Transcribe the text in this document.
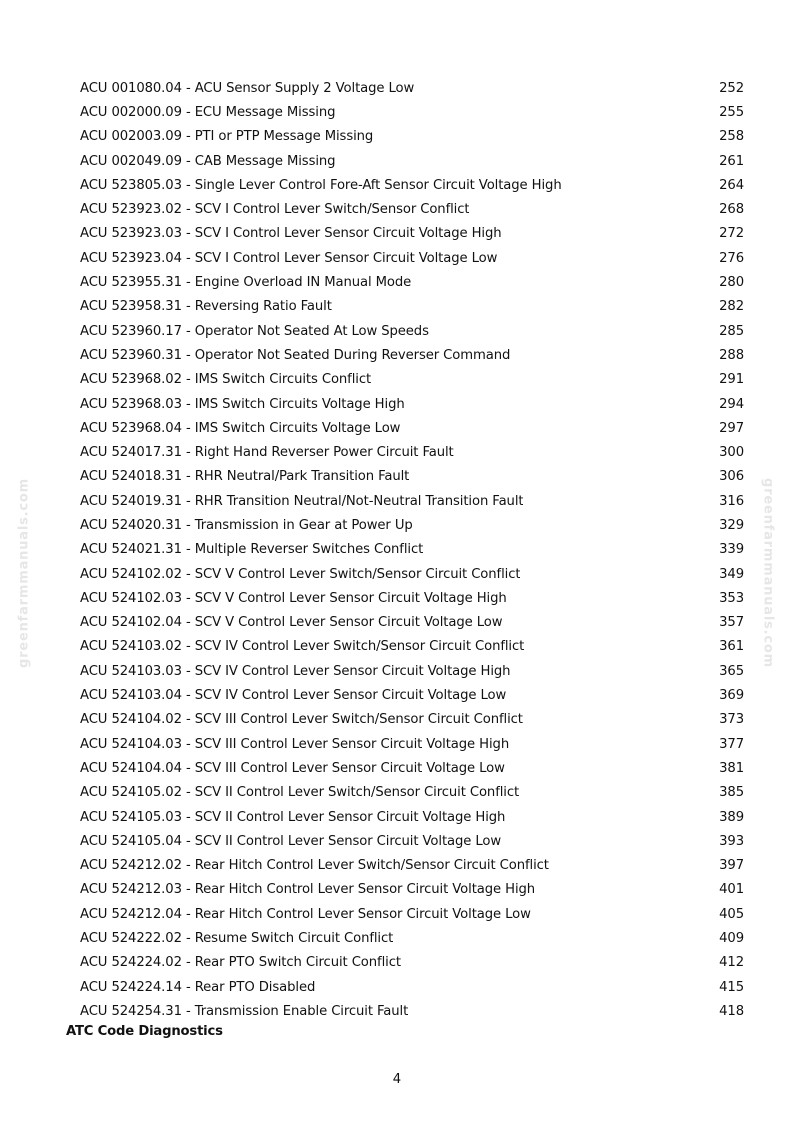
greenfarmmanuals.com	greenfarmmanuals.com
ACU 001080.04 - ACU Sensor Supply 2 Voltage Low	252
ACU 002000.09 - ECU Message Missing	255
ACU 002003.09 - PTI or PTP Message Missing	258
ACU 002049.09 - CAB Message Missing	261
ACU 523805.03 - Single Lever Control Fore-Aft Sensor Circuit Voltage High	264
ACU 523923.02 - SCV I Control Lever Switch/Sensor Conflict	268
ACU 523923.03 - SCV I Control Lever Sensor Circuit Voltage High	272
ACU 523923.04 - SCV I Control Lever Sensor Circuit Voltage Low	276
ACU 523955.31 - Engine Overload IN Manual Mode	280
ACU 523958.31 - Reversing Ratio Fault	282
ACU 523960.17 - Operator Not Seated At Low Speeds	285
ACU 523960.31 - Operator Not Seated During Reverser Command	288
ACU 523968.02 - IMS Switch Circuits Conflict	291
ACU 523968.03 - IMS Switch Circuits Voltage High	294
ACU 523968.04 - IMS Switch Circuits Voltage Low	297
ACU 524017.31 - Right Hand Reverser Power Circuit Fault	300
ACU 524018.31 - RHR Neutral/Park Transition Fault	306
ACU 524019.31 - RHR Transition Neutral/Not-Neutral Transition Fault	316
ACU 524020.31 - Transmission in Gear at Power Up	329
ACU 524021.31 - Multiple Reverser Switches Conflict	339
ACU 524102.02 - SCV V Control Lever Switch/Sensor Circuit Conflict	349
ACU 524102.03 - SCV V Control Lever Sensor Circuit Voltage High	353
ACU 524102.04 - SCV V Control Lever Sensor Circuit Voltage Low	357
ACU 524103.02 - SCV IV Control Lever Switch/Sensor Circuit Conflict	361
ACU 524103.03 - SCV IV Control Lever Sensor Circuit Voltage High	365
ACU 524103.04 - SCV IV Control Lever Sensor Circuit Voltage Low	369
ACU 524104.02 - SCV III Control Lever Switch/Sensor Circuit Conflict	373
ACU 524104.03 - SCV III Control Lever Sensor Circuit Voltage High	377
ACU 524104.04 - SCV III Control Lever Sensor Circuit Voltage Low	381
ACU 524105.02 - SCV II Control Lever Switch/Sensor Circuit Conflict	385
ACU 524105.03 - SCV II Control Lever Sensor Circuit Voltage High	389
ACU 524105.04 - SCV II Control Lever Sensor Circuit Voltage Low	393
ACU 524212.02 - Rear Hitch Control Lever Switch/Sensor Circuit Conflict	397
ACU 524212.03 - Rear Hitch Control Lever Sensor Circuit Voltage High	401
ACU 524212.04 - Rear Hitch Control Lever Sensor Circuit Voltage Low	405
ACU 524222.02 - Resume Switch Circuit Conflict	409
ACU 524224.02 - Rear PTO Switch Circuit Conflict	412
ACU 524224.14 - Rear PTO Disabled	415
ACU 524254.31 - Transmission Enable Circuit Fault	418
ATC Code Diagnostics
4
